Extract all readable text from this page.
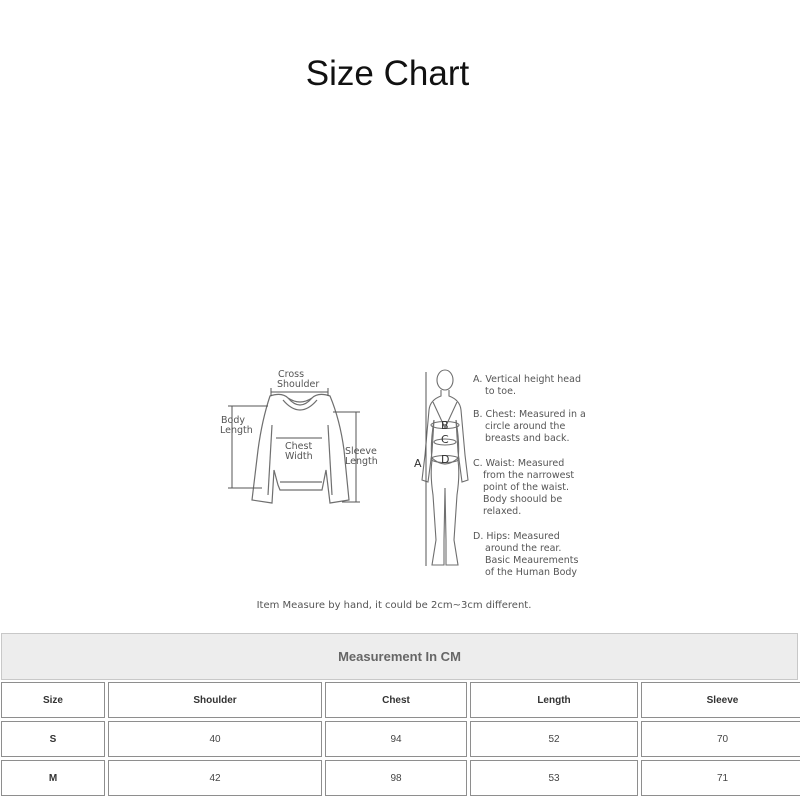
Size Chart
Cross
Shoulder
Body
Length
Chest
Width	Sleeve
Length	A
B
C
D
A. Vertical height head
to toe.
B. Chest: Measured in a
circle around the
breasts and back.
C. Waist: Measured
from the narrowest
point of the waist.
Body shoould be
relaxed.
D. Hips: Measured
around the rear.
Basic Meaurements
of the Human Body
Item Measure by hand, it could be 2cm~3cm different.
Measurement In CM
Size	Shoulder	Chest	Length	Sleeve
S	40	94	52	70
M	42	98	53	71
